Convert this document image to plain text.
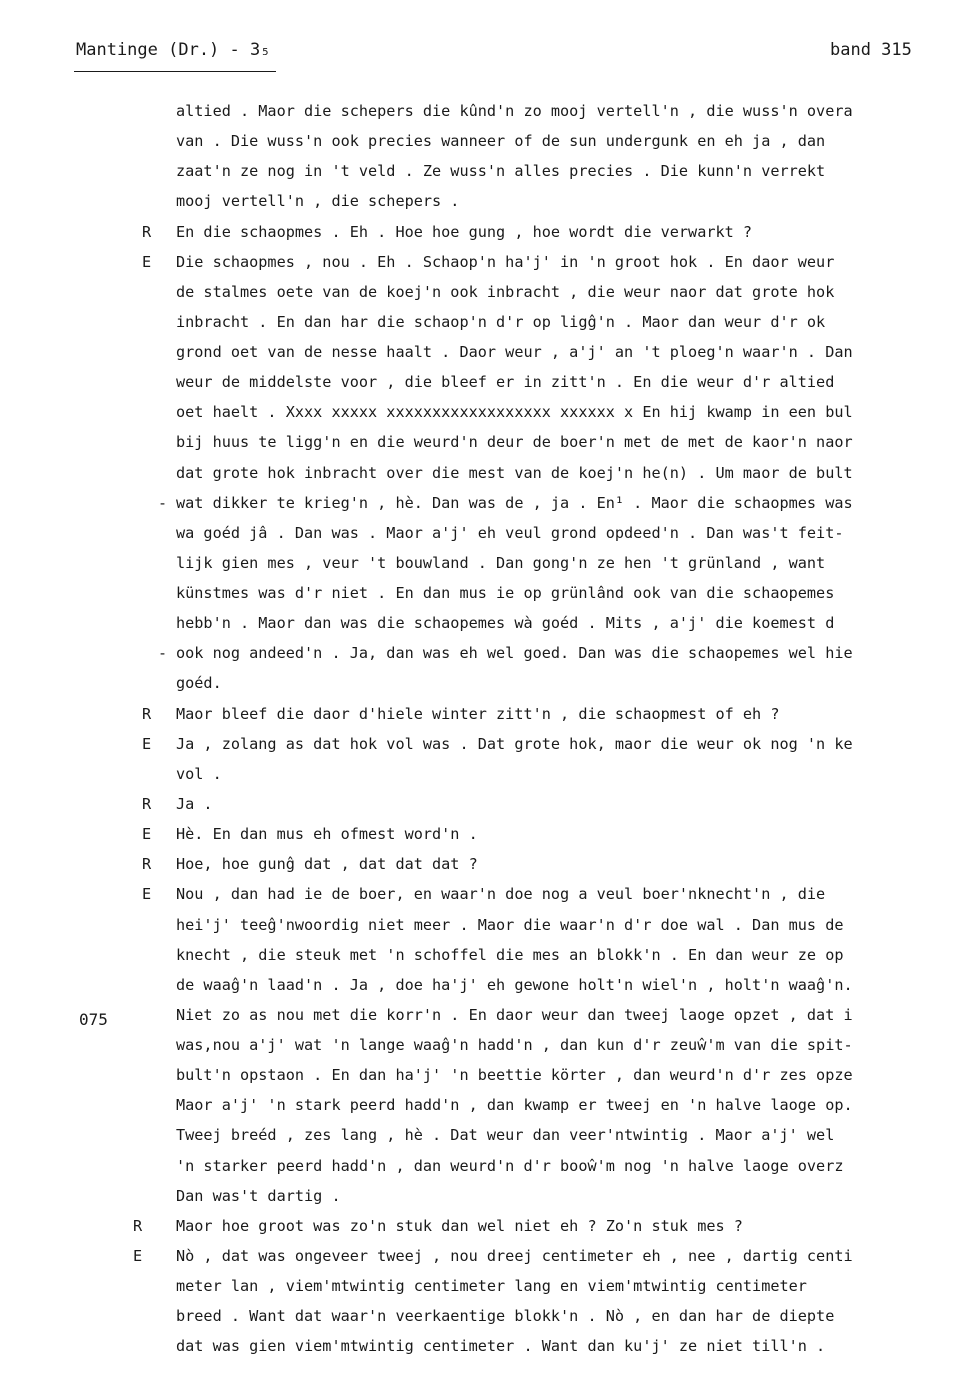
Mantinge (Dr.) - 3₅	band 315
075
altied . Maor die schepers die kûnd'n zo mooj vertell'n , die wuss'n overa
van . Die wuss'n ook precies wanneer of de sun undergunk en eh ja , dan
zaat'n ze nog in 't veld . Ze wuss'n alles precies . Die kunn'n verrekt
mooj vertell'n , die schepers .
En die schaopmes . Eh . Hoe hoe gung , hoe wordt die verwarkt ?
R
Die schaopmes , nou . Eh . Schaop'n ha'j' in 'n groot hok . En daor weur
E
de stalmes oete van de koej'n ook inbracht , die weur naor dat grote hok
inbracht . En dan har die schaop'n d'r op ligĝ'n . Maor dan weur d'r ok
grond oet van de nesse haalt . Daor weur , a'j' an 't ploeg'n waar'n . Dan
weur de middelste voor , die bleef er in zitt'n . En die weur d'r altied
oet haelt . Xxxx xxxxx xxxxxxxxxxxxxxxxxx xxxxxx x En hij kwamp in een bul
bij huus te ligg'n en die weurd'n deur de boer'n met de met de kaor'n naor
dat grote hok inbracht over die mest van de koej'n he(n) . Um maor de bult
wat dikker te krieg'n , hè. Dan was de , ja . En¹ . Maor die schaopmes was
wa goéd jâ . Dan was . Maor a'j' eh veul grond opdeed'n . Dan was't feit-
lijk gien mes , veur 't bouwland . Dan gong'n ze hen 't grünland , want
künstmes was d'r niet . En dan mus ie op grünlând ook van die schaopemes
hebb'n . Maor dan was die schaopemes wà goéd . Mits , a'j' die koemest d
ook nog andeed'n . Ja, dan was eh wel goed. Dan was die schaopemes wel hie
goéd.
Maor bleef die daor d'hiele winter zitt'n , die schaopmest of eh ?
R
Ja , zolang as dat hok vol was . Dat grote hok, maor die weur ok nog 'n ke
E
vol .
Ja .
R
Hè. En dan mus eh ofmest word'n .
E
Hoe, hoe gunĝ dat , dat dat dat ?
R
Nou , dan had ie de boer, en waar'n doe nog a veul boer'nknecht'n , die
E
hei'j' teeĝ'nwoordig niet meer . Maor die waar'n d'r doe wal . Dan mus de
knecht , die steuk met 'n schoffel die mes an blokk'n . En dan weur ze op
de waaĝ'n laad'n . Ja , doe ha'j' eh gewone holt'n wiel'n , holt'n waaĝ'n.
Niet zo as nou met die korr'n . En daor weur dan tweej laoge opzet , dat i
was,nou a'j' wat 'n lange waaĝ'n hadd'n , dan kun d'r zeuŵ'm van die spit-
bult'n opstaon . En dan ha'j' 'n beettie körter , dan weurd'n d'r zes opze
Maor a'j' 'n stark peerd hadd'n , dan kwamp er tweej en 'n halve laoge op.
Tweej breéd , zes lang , hè . Dat weur dan veer'ntwintig . Maor a'j' wel
'n starker peerd hadd'n , dan weurd'n d'r booŵ'm nog 'n halve laoge overz
Dan was't dartig .
Maor hoe groot was zo'n stuk dan wel niet eh ? Zo'n stuk mes ?
R
Nò , dat was ongeveer tweej , nou dreej centimeter eh , nee , dartig centi
E
meter lan , viem'mtwintig centimeter lang en viem'mtwintig centimeter
breed . Want dat waar'n veerkaentige blokk'n . Nò , en dan har de diepte
dat was gien viem'mtwintig centimeter . Want dan ku'j' ze niet till'n .
-
-
